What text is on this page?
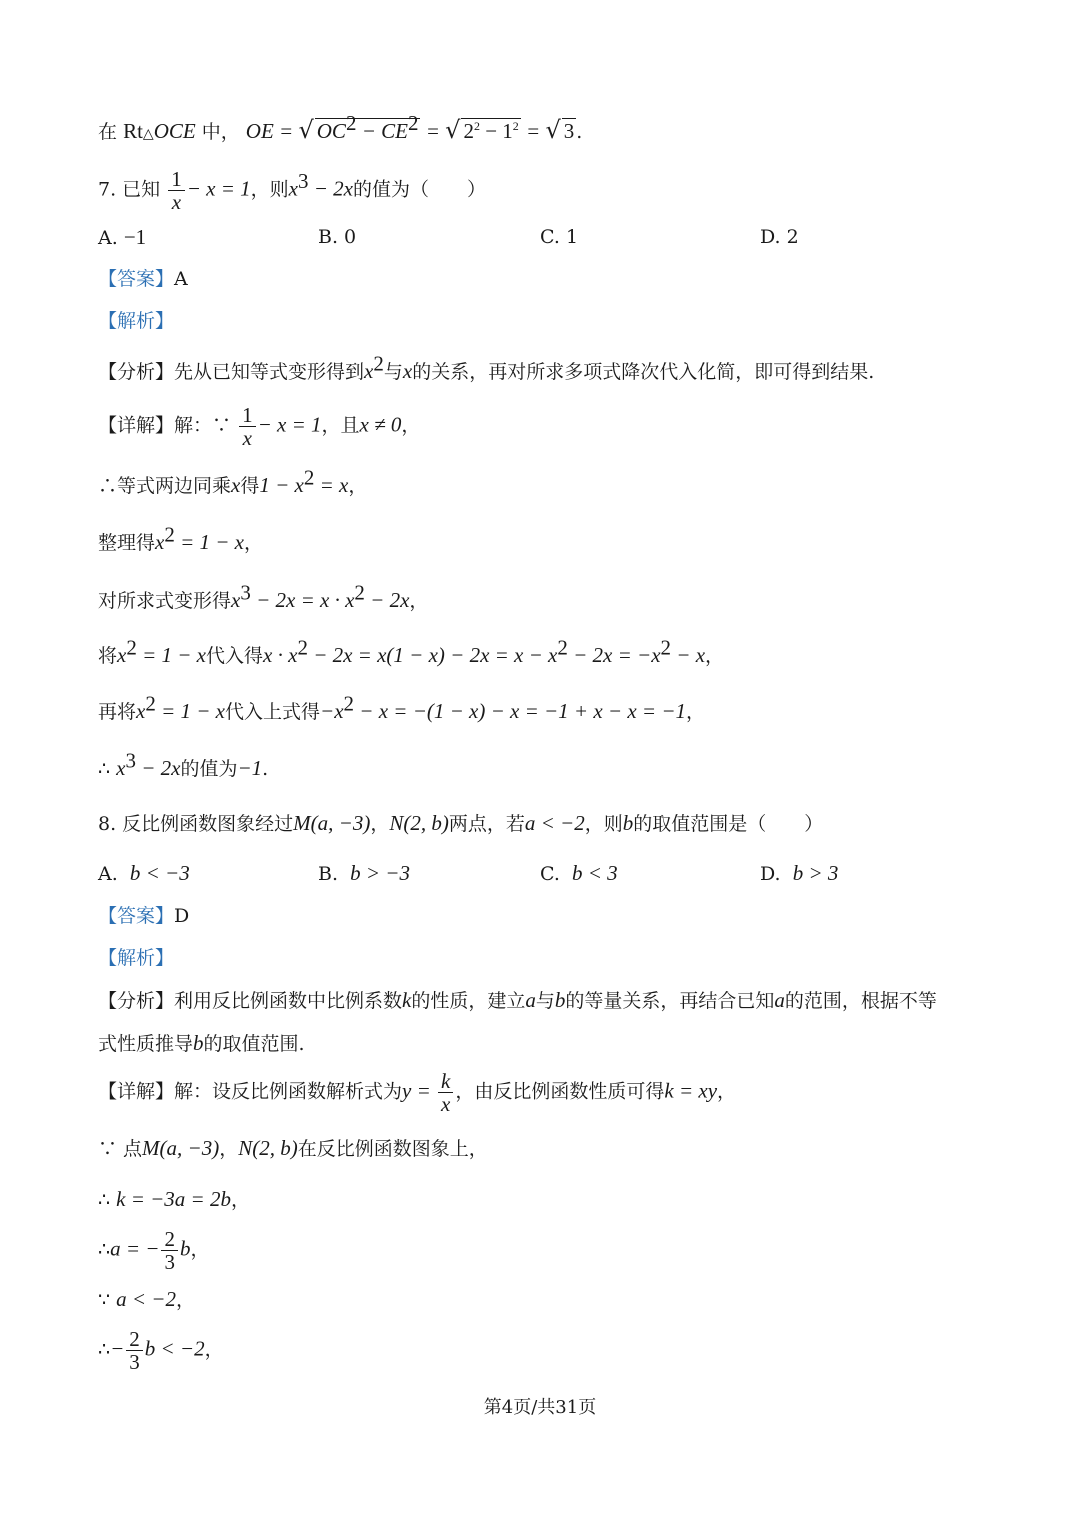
在 Rt△OCE 中， OE = √ $OC^2 - CE^2$ = √ $2^2 - 1^2$ = √ 3 .
7. 已知 $\frac{1}{x} - x = 1$，则$x^3 - 2x$的值为（　　）
A. −1	B. 0	C. 1	D. 2
【答案】A
【解析】
【分析】先从已知等式变形得到$x^2$与x的关系，再对所求多项式降次代入化简，即可得到结果.
【详解】解：∵ $\frac{1}{x} - x = 1$，且x ≠ 0，
∴等式两边同乘x得$1 - x^2 = x$，
整理得$x^2 = 1 - x$，
对所求式变形得$x^3 - 2x = x \cdot x^2 - 2x$，
将$x^2 = 1 - x$代入得$x \cdot x^2 - 2x = x(1 - x) - 2x = x - x^2 - 2x = -x^2 - x$，
再将$x^2 = 1 - x$代入上式得$-x^2 - x = -(1 - x) - x = -1 + x - x = -1$，
∴ $x^3 - 2x$的值为−1.
8. 反比例函数图象经过M(a, −3)，N(2, b)两点，若a < −2，则b的取值范围是（　　）
A. b < −3	B. b > −3	C. b < 3	D. b > 3
【答案】D
【解析】
【分析】利用反比例函数中比例系数k的性质，建立a与b的等量关系，再结合已知a的范围，根据不等
式性质推导b的取值范围.
【详解】解：设反比例函数解析式为$y = \frac{k}{x}$ ，由反比例函数性质可得k = xy，
∵ 点M(a, −3)，N(2, b)在反比例函数图象上，
∴ k = −3a = 2b，
∴a = − $\frac{2}{3}$ b，
∵ a < −2，
∴− $\frac{2}{3}$ b < −2，
第4页/共31页
